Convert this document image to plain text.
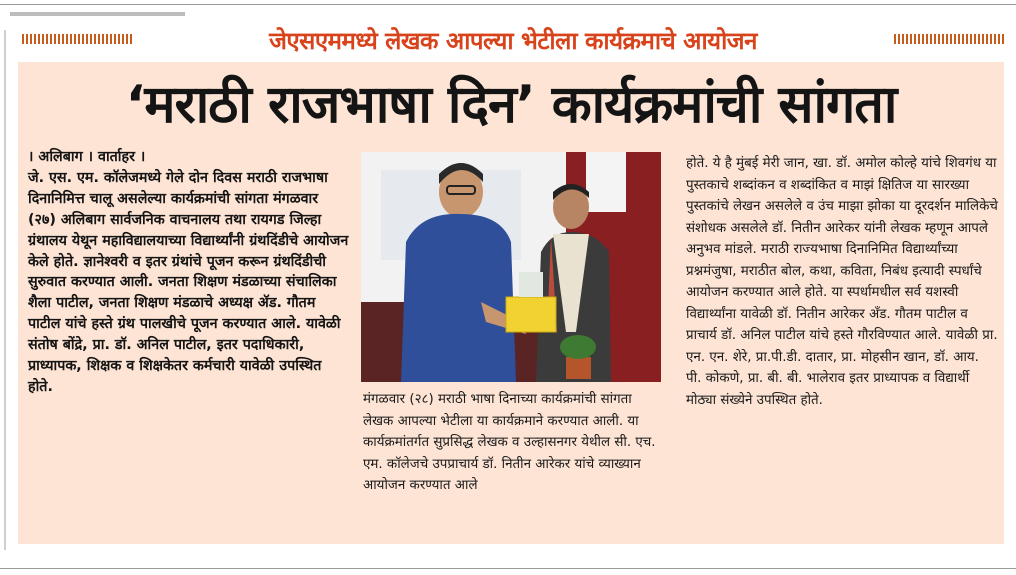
जेएसएममध्ये लेखक आपल्या भेटीला कार्यक्रमाचे आयोजन
‘मराठी राजभाषा दिन’ कार्यक्रमांची सांगता

। अलिबाग । वार्ताहर ।

जे. एस. एम. कॉलेजमध्ये गेले दोन दिवस मराठी राजभाषा दिनानिमित्त चालू असलेल्या कार्यक्रमांची सांगता मंगळवार (२७) अलिबाग सार्वजनिक वाचनालय तथा रायगड जिल्हा ग्रंथालय येथून महाविद्यालयाच्या विद्यार्थ्यांनी ग्रंथदिंडीचे आयोजन केले होते. ज्ञानेश्वरी व इतर ग्रंथांचे पूजन करून ग्रंथदिंडीची सुरुवात करण्यात आली. जनता शिक्षण मंडळाच्या संचालिका शैला पाटील, जनता शिक्षण मंडळाचे अध्यक्ष ॲड. गौतम पाटील यांचे हस्ते ग्रंथ पालखीचे पूजन करण्यात आले. यावेळी संतोष बोंद्रे, प्रा. डॉ. अनिल पाटील, इतर पदाधिकारी, प्राध्यापक, शिक्षक व शिक्षकेतर कर्मचारी यावेळी उपस्थित होते.

मंगळवार (२८) मराठी भाषा दिनाच्या कार्यक्रमांची सांगता लेखक आपल्या भेटीला या कार्यक्रमाने करण्यात आली. या कार्यक्रमांतर्गत सुप्रसिद्ध लेखक व उल्हासनगर येथील सी. एच. एम. कॉलेजचे उपप्राचार्य डॉ. नितीन आरेकर यांचे व्याख्यान आयोजन करण्यात आले
होते. ये है मुंबई मेरी जान, खा. डॉ. अमोल कोल्हे यांचे शिवगंध या पुस्तकाचे शब्दांकन व शब्दांकित व माझं क्षितिज या सारख्या पुस्तकांचे लेखन असलेले व उंच माझा झोका या दूरदर्शन मालिकेचे संशोधक असलेले डॉ. नितीन आरेकर यांनी लेखक म्हणून आपले अनुभव मांडले. मराठी राज्यभाषा दिनानिमित विद्यार्थ्यांच्या प्रश्नमंजुषा, मराठीत बोल, कथा, कविता, निबंध इत्यादी स्पर्धांचे आयोजन करण्यात आले होते. या स्पर्धामधील सर्व यशस्वी विद्यार्थ्यांना यावेळी डॉ. नितीन आरेकर अँड. गौतम पाटील व प्राचार्य डॉ. अनिल पाटील यांचे हस्ते गौरविण्यात आले. यावेळी प्रा. एन. एन. शेरे, प्रा.पी.डी. दातार, प्रा. मोहसीन खान, डॉ. आय. पी. कोकणे, प्रा. बी. बी. भालेराव इतर प्राध्यापक व विद्यार्थी मोठ्या संख्येने उपस्थित होते.
